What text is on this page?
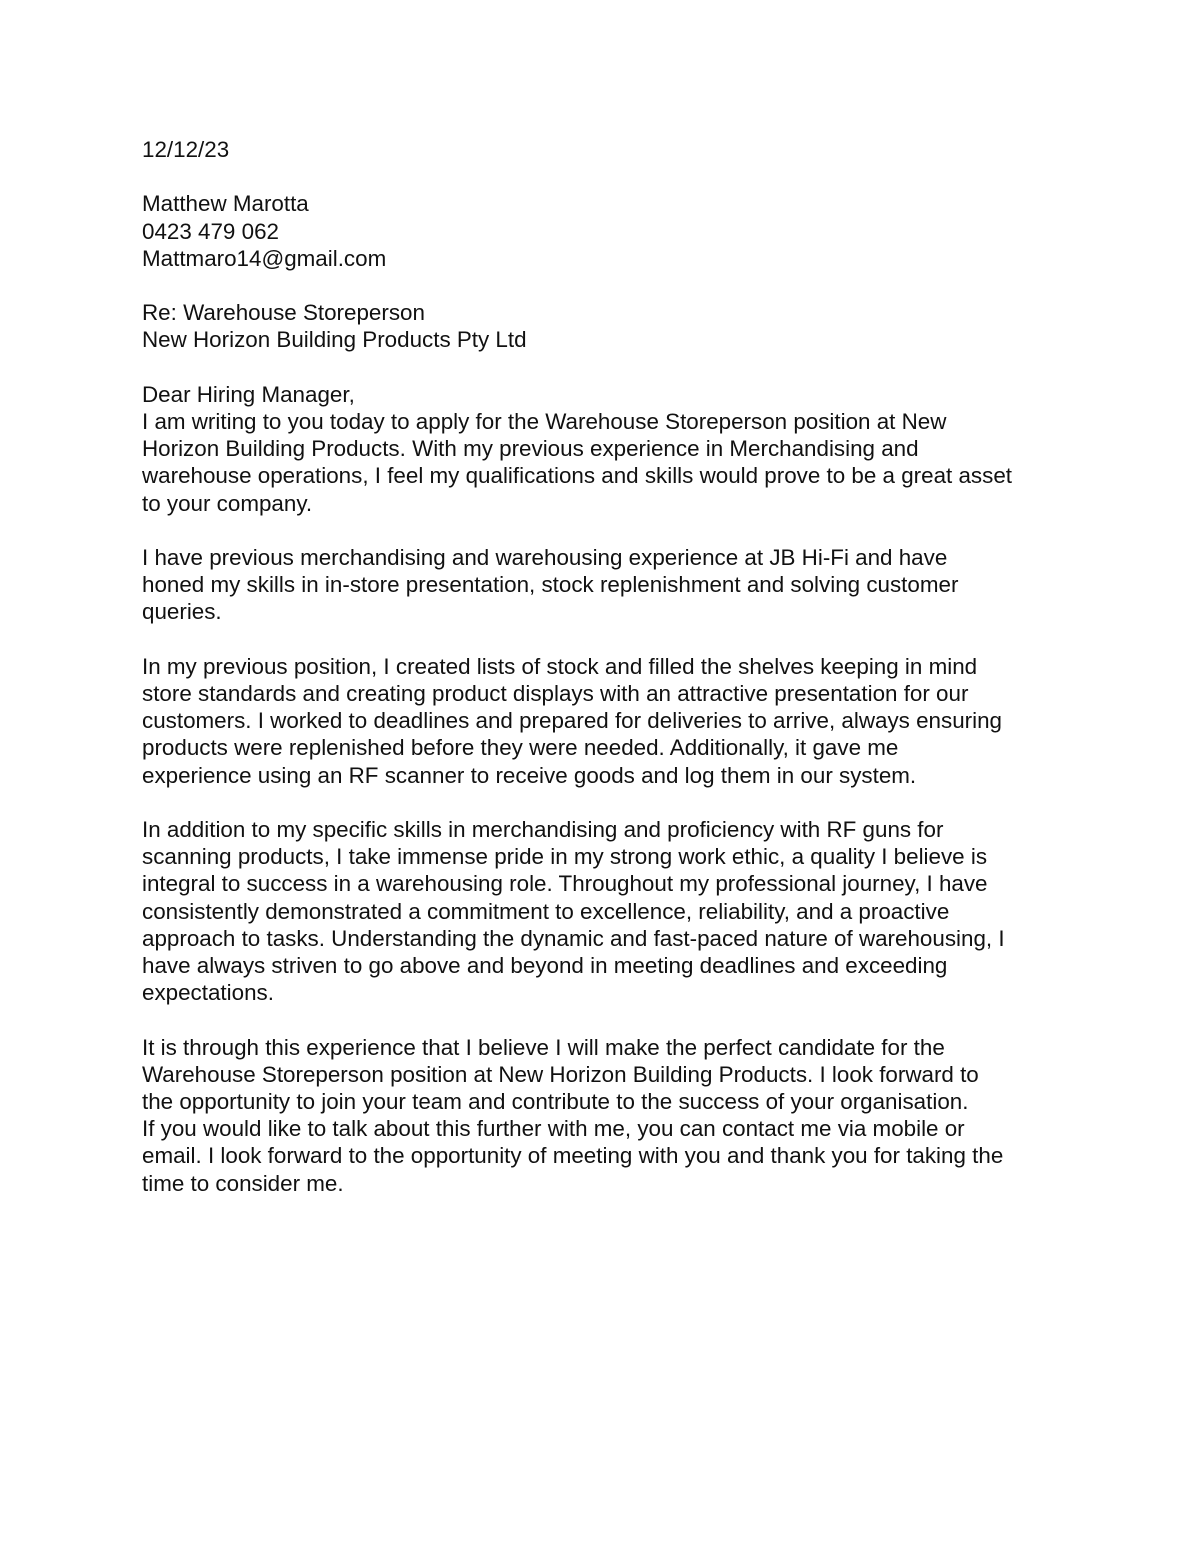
12/12/23
Matthew Marotta
0423 479 062
Mattmaro14@gmail.com
Re: Warehouse Storeperson
New Horizon Building Products Pty Ltd
Dear Hiring Manager,
I am writing to you today to apply for the Warehouse Storeperson position at New
Horizon Building Products. With my previous experience in Merchandising and
warehouse operations, I feel my qualifications and skills would prove to be a great asset
to your company.
I have previous merchandising and warehousing experience at JB Hi-Fi and have
honed my skills in in-store presentation, stock replenishment and solving customer
queries.
In my previous position, I created lists of stock and filled the shelves keeping in mind
store standards and creating product displays with an attractive presentation for our
customers. I worked to deadlines and prepared for deliveries to arrive, always ensuring
products were replenished before they were needed. Additionally, it gave me
experience using an RF scanner to receive goods and log them in our system.
In addition to my specific skills in merchandising and proficiency with RF guns for
scanning products, I take immense pride in my strong work ethic, a quality I believe is
integral to success in a warehousing role. Throughout my professional journey, I have
consistently demonstrated a commitment to excellence, reliability, and a proactive
approach to tasks. Understanding the dynamic and fast-paced nature of warehousing, I
have always striven to go above and beyond in meeting deadlines and exceeding
expectations.
It is through this experience that I believe I will make the perfect candidate for the
Warehouse Storeperson position at New Horizon Building Products. I look forward to
the opportunity to join your team and contribute to the success of your organisation.
If you would like to talk about this further with me, you can contact me via mobile or
email. I look forward to the opportunity of meeting with you and thank you for taking the
time to consider me.
